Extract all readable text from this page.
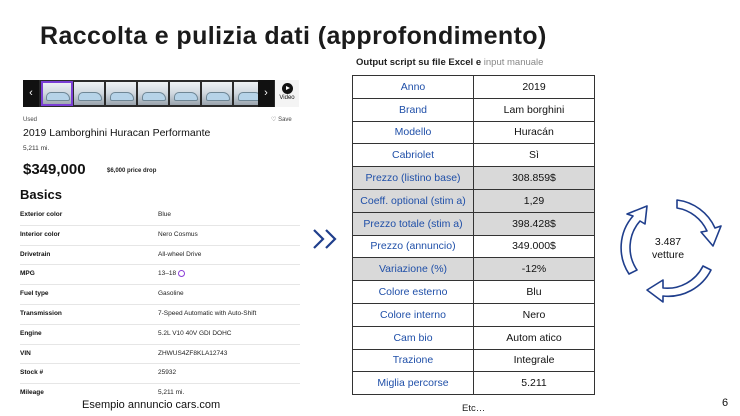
Raccolta e pulizia dati (approfondimento)
‹	›	Video
Used	♡ Save
2019 Lamborghini Huracan Performante
5,211 mi.
$349,000	$6,000 price drop
Basics
Exterior color	Blue
Interior color	Nero Cosmus
Drivetrain	All-wheel Drive
MPG	13–18
Fuel type	Gasoline
Transmission	7-Speed Automatic with Auto-Shift
Engine	5.2L V10 40V GDI DOHC
VIN	ZHWUS4ZF8KLA12743
Stock #	25932
Mileage	5,211 mi.
Esempio annuncio cars.com
Output script su file Excel e input manuale
Anno	2019
Brand	Lam borghini
Modello	Huracán
Cabriolet	Sì
Prezzo (listino base)	308.859$
Coeff. optional (stim a)	1,29
Prezzo totale (stim a)	398.428$
Prezzo (annuncio)	349.000$
Variazione (%)	-12%
Colore esterno	Blu
Colore interno	Nero
Cam bio	Autom atico
Trazione	Integrale
Miglia percorse	5.211
Etc…
3.487
vetture
6
